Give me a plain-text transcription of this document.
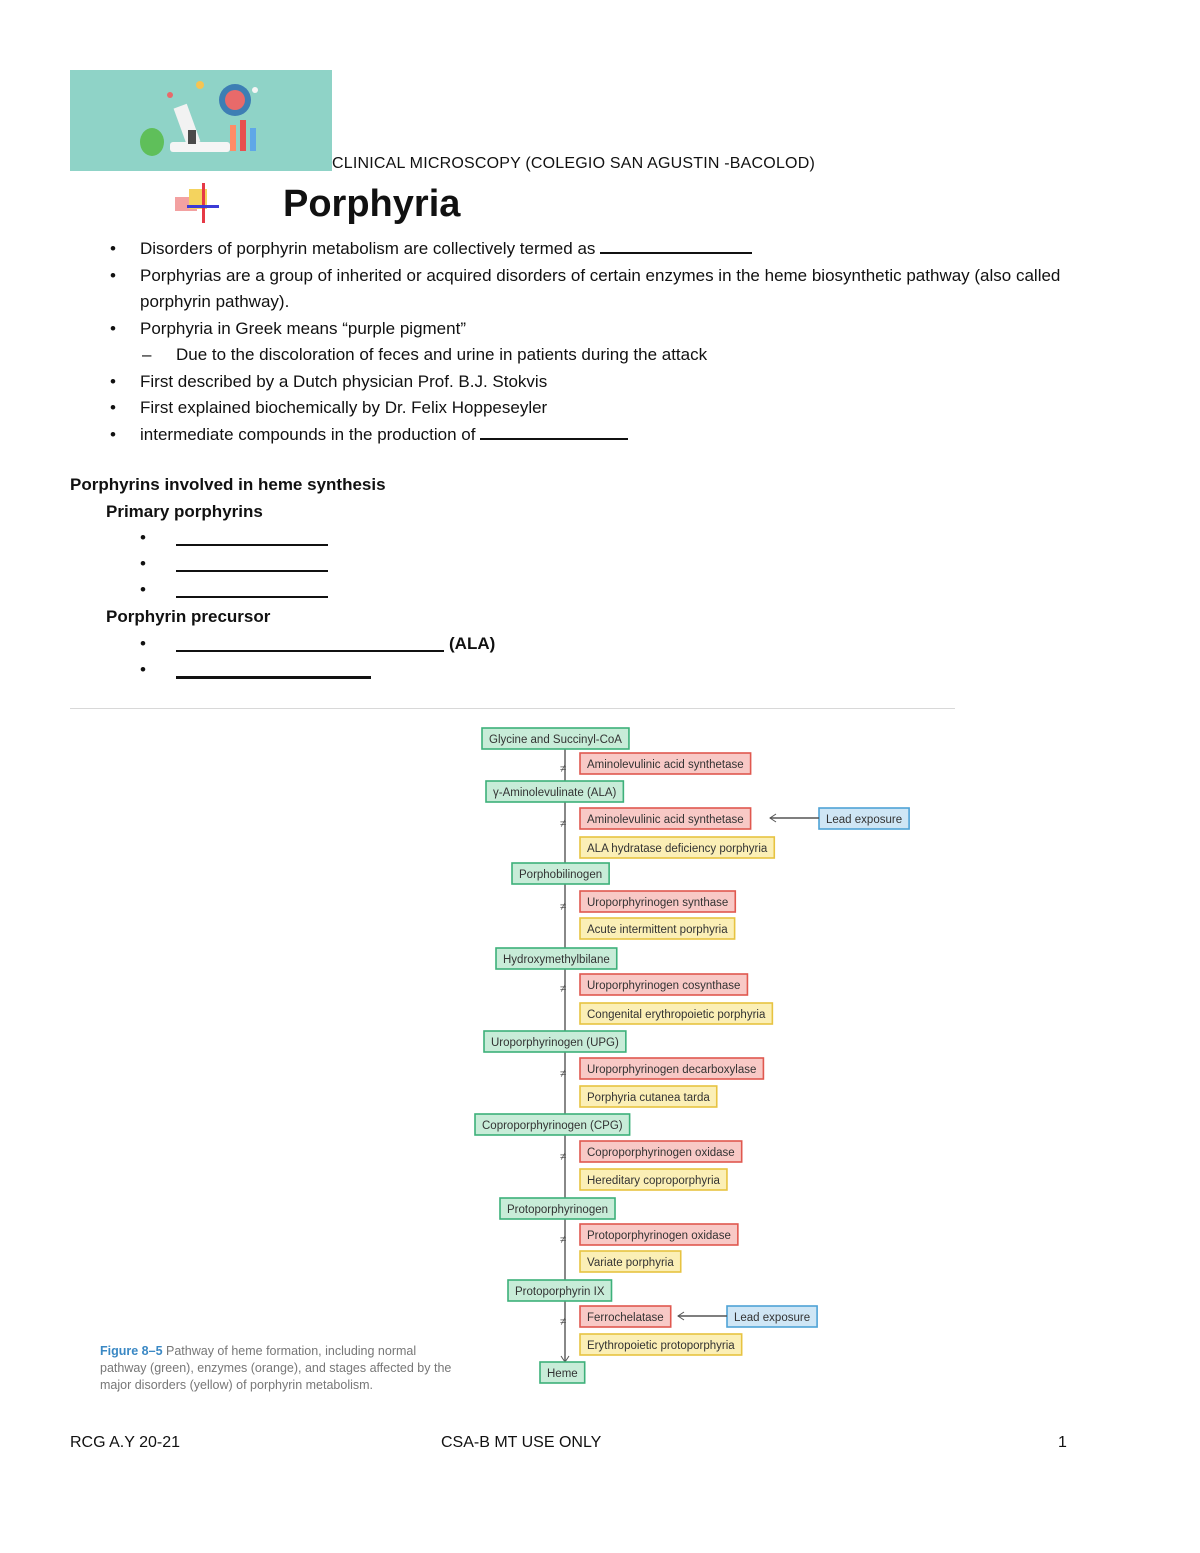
CLINICAL MICROSCOPY (COLEGIO SAN AGUSTIN -BACOLOD)
Porphyria
• Disorders of porphyrin metabolism are collectively termed as
• Porphyrias are a group of inherited or acquired disorders of certain enzymes in the heme biosynthetic pathway (also called porphyrin pathway).
• Porphyria in Greek means “purple pigment”
– Due to the discoloration of feces and urine in patients during the attack
• First described by a Dutch physician Prof. B.J. Stokvis
• First explained biochemically by Dr. Felix Hoppeseyler
• intermediate compounds in the production of
Porphyrins involved in heme synthesis
Primary porphyrins
•
•
•
Porphyrin precursor
•	(ALA)
•
Glycine and Succinyl-CoA
γ-Aminolevulinate (ALA)
Porphobilinogen
Hydroxymethylbilane
Uroporphyrinogen (UPG)
Coproporphyrinogen (CPG)
Protoporphyrinogen
Protoporphyrin IX
Heme
Aminolevulinic acid synthetase
Aminolevulinic acid synthetase
Uroporphyrinogen synthase
Uroporphyrinogen cosynthase
Uroporphyrinogen decarboxylase
Coproporphyrinogen oxidase
Protoporphyrinogen oxidase
Ferrochelatase
ALA hydratase deficiency porphyria
Acute intermittent porphyria
Congenital erythropoietic porphyria
Porphyria cutanea tarda
Hereditary coproporphyria
Variate porphyria
Erythropoietic protoporphyria
≠
≠
≠
≠
≠
≠
≠
≠
Lead exposure
Lead exposure
Figure 8–5 Pathway of heme formation, including normal pathway (green), enzymes (orange), and stages affected by the major disorders (yellow) of porphyrin metabolism.
RCG A.Y 20-21	CSA-B MT USE ONLY	1
